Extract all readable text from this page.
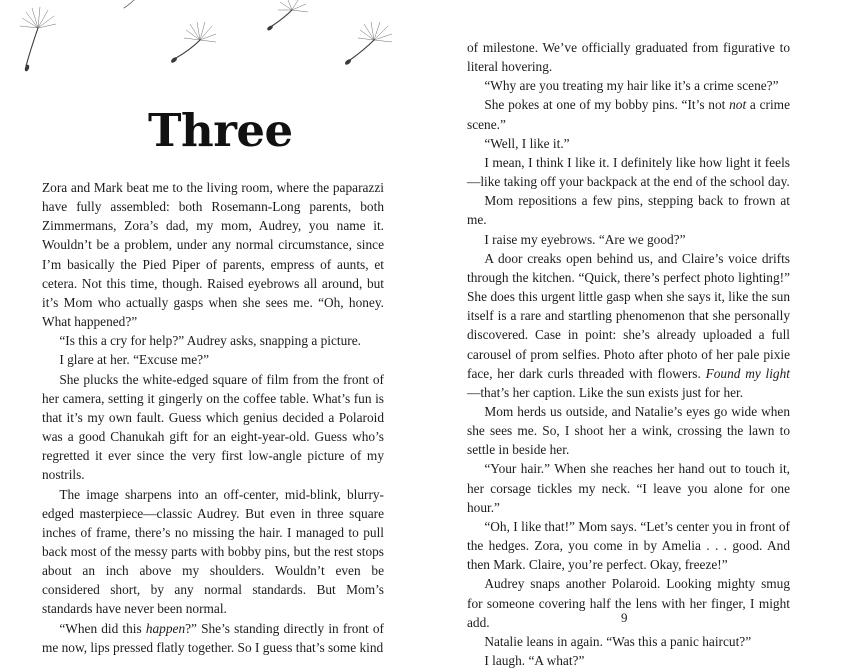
Three

Zora and Mark beat me to the living room, where the paparazzi have fully assembled: both Rosemann-Long parents, both Zimmermans, Zora’s dad, my mom, Audrey, you name it. Wouldn’t be a problem, under any normal circumstance, since I’m basically the Pied Piper of parents, empress of aunts, et cetera. Not this time, though. Raised eyebrows all around, but it’s Mom who actually gasps when she sees me. “Oh, honey. What happened?”

“Is this a cry for help?” Audrey asks, snapping a picture.

I glare at her. “Excuse me?”

She plucks the white-edged square of film from the front of her camera, setting it gingerly on the coffee table. What’s fun is that it’s my own fault. Guess which genius decided a Polaroid was a good Chanukah gift for an eight-year-old. Guess who’s regretted it ever since the very first low-angle picture of my nostrils.

The image sharpens into an off-center, mid-blink, blurry-edged masterpiece—classic Audrey. But even in three square inches of frame, there’s no missing the hair. I managed to pull back most of the messy parts with bobby pins, but the rest stops about an inch above my shoulders. Wouldn’t even be considered short, by any normal standards. But Mom’s standards have never been normal.

“When did this happen?” She’s standing directly in front of me now, lips pressed flatly together. So I guess that’s some kind

of milestone. We’ve officially graduated from figurative to literal hovering.

“Why are you treating my hair like it’s a crime scene?”

She pokes at one of my bobby pins. “It’s not not a crime scene.”

“Well, I like it.”

I mean, I think I like it. I definitely like how light it feels—like taking off your backpack at the end of the school day.

Mom repositions a few pins, stepping back to frown at me.

I raise my eyebrows. “Are we good?”

A door creaks open behind us, and Claire’s voice drifts through the kitchen. “Quick, there’s perfect photo lighting!” She does this urgent little gasp when she says it, like the sun itself is a rare and startling phenomenon that she personally discovered. Case in point: she’s already uploaded a full carousel of prom selfies. Photo after photo of her pale pixie face, her dark curls threaded with flowers. Found my light—that’s her caption. Like the sun exists just for her.

Mom herds us outside, and Natalie’s eyes go wide when she sees me. So, I shoot her a wink, crossing the lawn to settle in beside her.

“Your hair.” When she reaches her hand out to touch it, her corsage tickles my neck. “I leave you alone for one hour.”

“Oh, I like that!” Mom says. “Let’s center you in front of the hedges. Zora, you come in by Amelia . . . good. And then Mark. Claire, you’re perfect. Okay, freeze!”

Audrey snaps another Polaroid. Looking mighty smug for someone covering half the lens with her finger, I might add.

Natalie leans in again. “Was this a panic haircut?”

I laugh. “A what?”

9
